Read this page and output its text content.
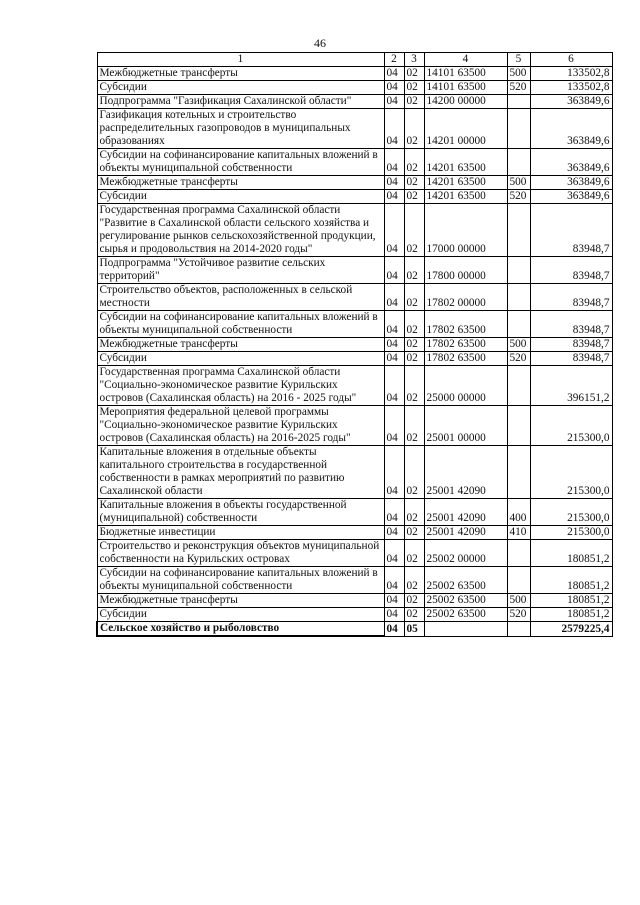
46
1	2	3	4	5	6
Межбюджетные трансферты	04	02	14101 63500	500	133502,8
Субсидии	04	02	14101 63500	520	133502,8
Подпрограмма "Газификация Сахалинской области"	04	02	14200 00000		363849,6
Газификация котельных и строительство распределительных газопроводов в муниципальных образованиях	04	02	14201 00000		363849,6
Субсидии на софинансирование капитальных вложений в объекты муниципальной собственности	04	02	14201 63500		363849,6
Межбюджетные трансферты	04	02	14201 63500	500	363849,6
Субсидии	04	02	14201 63500	520	363849,6
Государственная программа Сахалинской области "Развитие в Сахалинской области сельского хозяйства и регулирование рынков сельскохозяйственной продукции, сырья и продовольствия на 2014-2020 годы"	04	02	17000 00000		83948,7
Подпрограмма "Устойчивое развитие сельских территорий"	04	02	17800 00000		83948,7
Строительство объектов, расположенных в сельской местности	04	02	17802 00000		83948,7
Субсидии на софинансирование капитальных вложений в объекты муниципальной собственности	04	02	17802 63500		83948,7
Межбюджетные трансферты	04	02	17802 63500	500	83948,7
Субсидии	04	02	17802 63500	520	83948,7
Государственная программа Сахалинской области "Социально-экономическое развитие Курильских островов (Сахалинская область) на 2016 - 2025 годы"	04	02	25000 00000		396151,2
Мероприятия федеральной целевой программы "Социально-экономическое развитие Курильских островов (Сахалинская область) на 2016-2025 годы"	04	02	25001 00000		215300,0
Капитальные вложения в отдельные объекты капитального строительства в государственной собственности в рамках мероприятий по развитию Сахалинской области	04	02	25001 42090		215300,0
Капитальные вложения в объекты государственной (муниципальной) собственности	04	02	25001 42090	400	215300,0
Бюджетные инвестиции	04	02	25001 42090	410	215300,0
Строительство и реконструкция объектов муниципальной собственности на Курильских островах	04	02	25002 00000		180851,2
Субсидии на софинансирование капитальных вложений в объекты муниципальной собственности	04	02	25002 63500		180851,2
Межбюджетные трансферты	04	02	25002 63500	500	180851,2
Субсидии	04	02	25002 63500	520	180851,2
Сельское хозяйство и рыболовство	04	05			2579225,4
